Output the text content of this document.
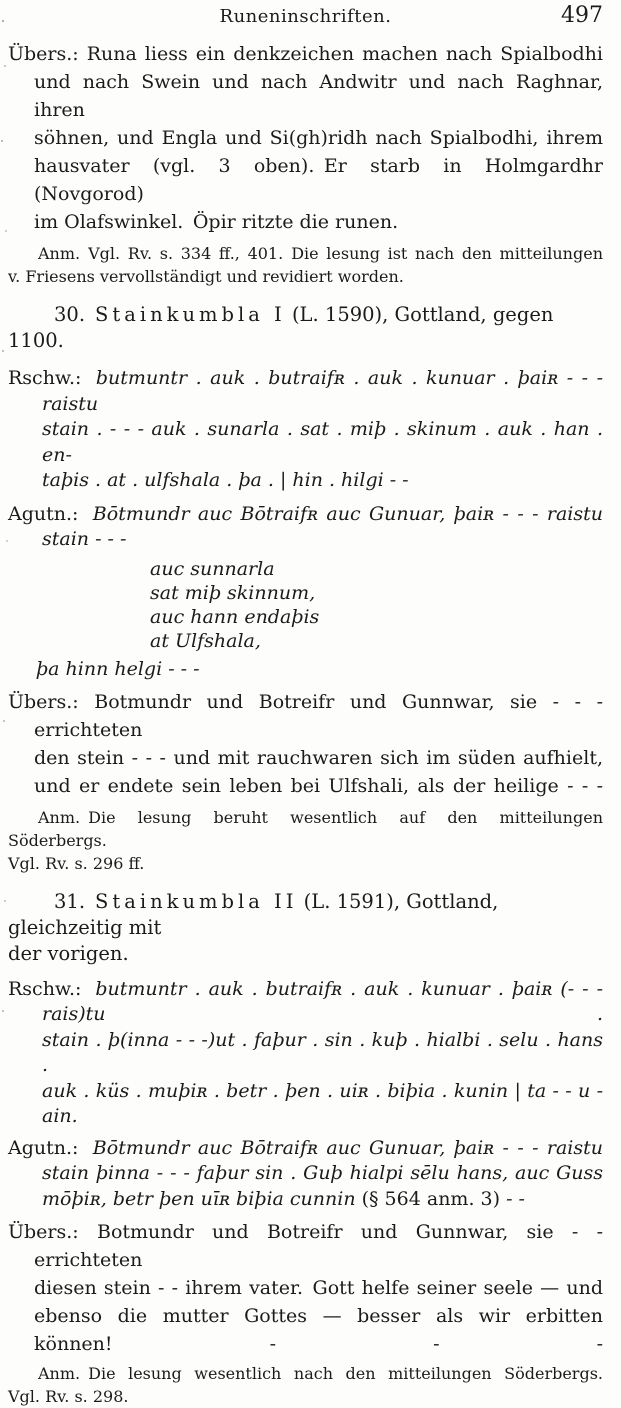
Runeninschriften.	497
Übers.: Runa liess ein denkzeichen machen nach Spialbodhi
und nach Swein und nach Andwitr und nach Raghnar, ihren
söhnen, und Engla und Si(gh)ridh nach Spialbodhi, ihrem
hausvater (vgl. 3 oben). Er starb in Holmgardhr (Novgorod)
im Olafswinkel. Öpir ritzte die runen.
Anm. Vgl. Rv. s. 334 ff., 401. Die lesung ist nach den mitteilungen
v. Friesens vervollständigt und revidiert worden.
30. Stainkumbla I (L. 1590), Gottland, gegen 1100.
Rschw.: butmuntr . auk . butraifʀ . auk . kunuar . þaiʀ - - - raistu
stain . - - - auk . sunarla . sat . miþ . skinum . auk . han . en-
taþis . at . ulfshala . þa . | hin . hilgi - -
Agutn.: Bōtmundr auc Bōtraifʀ auc Gunuar, þaiʀ - - - raistu
stain - - -
auc sunnarla
sat miþ skinnum,
auc hann endaþis
at Ulfshala,
þa hinn helgi - - -
Übers.: Botmundr und Botreifr und Gunnwar, sie - - - errichteten
den stein - - - und mit rauchwaren sich im süden aufhielt,
und er endete sein leben bei Ulfshali, als der heilige - - -
Anm. Die lesung beruht wesentlich auf den mitteilungen Söderbergs.
Vgl. Rv. s. 296 ff.
31. Stainkumbla II (L. 1591), Gottland, gleichzeitig mit
der vorigen.
Rschw.: butmuntr . auk . butraifʀ . auk . kunuar . þaiʀ (- - - rais)tu .
stain . þ(inna - - -)ut . faþur . sin . kuþ . hialbi . selu . hans .
auk . küs . muþiʀ . betr . þen . uiʀ . biþia . kunin | ta - - u - ain.
Agutn.: Bōtmundr auc Bōtraifʀ auc Gunuar, þaiʀ - - - raistu
stain þinna - - - faþur sin . Guþ hialpi sēlu hans, auc Guss
mōþiʀ, betr þen uīʀ biþia cunnin (§ 564 anm. 3) - -
Übers.: Botmundr und Botreifr und Gunnwar, sie - - errichteten
diesen stein - - ihrem vater. Gott helfe seiner seele — und
ebenso die mutter Gottes — besser als wir erbitten können! - - -
Anm. Die lesung wesentlich nach den mitteilungen Söderbergs.
Vgl. Rv. s. 298.
